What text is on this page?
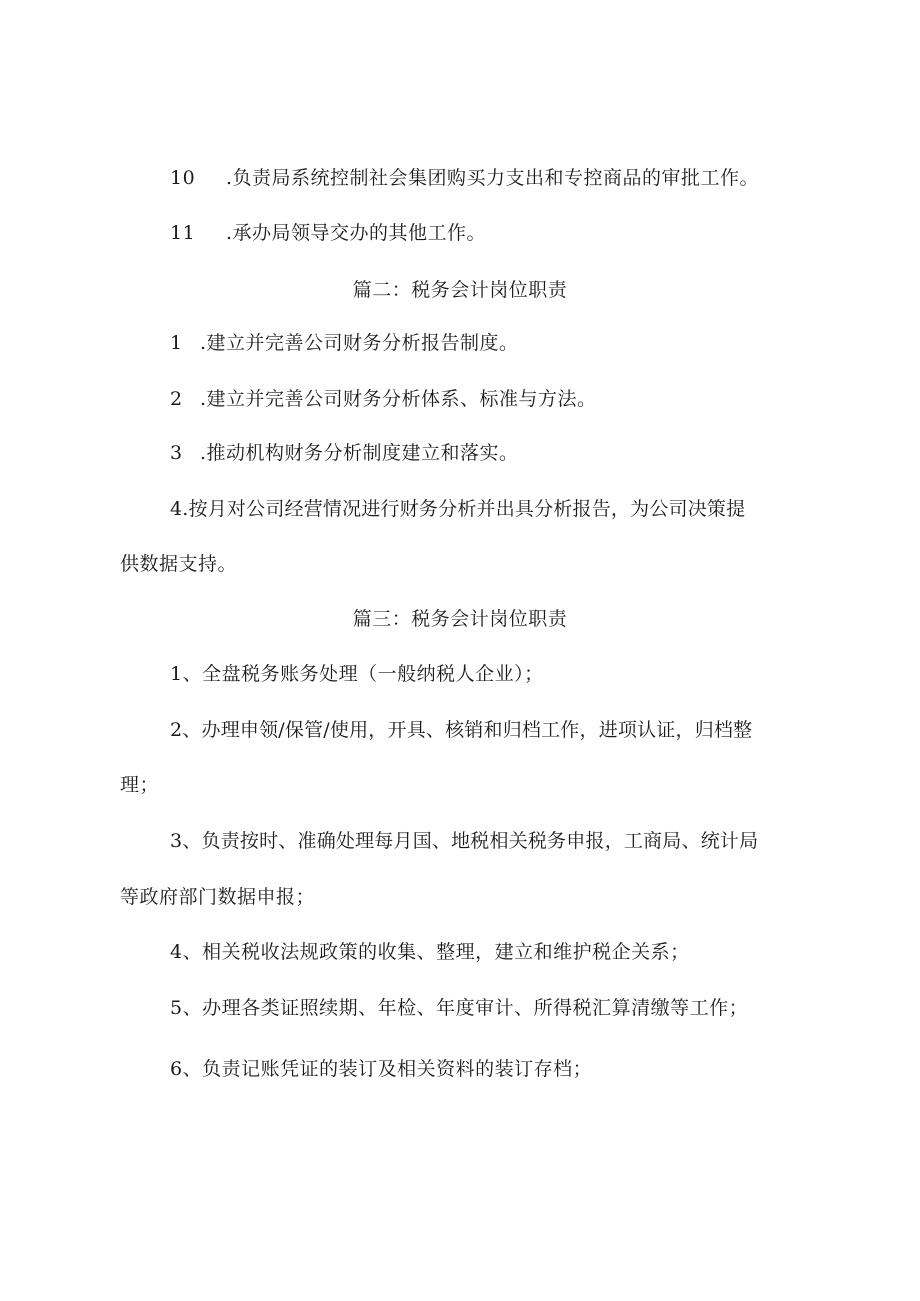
10 .负责局系统控制社会集团购买力支出和专控商品的审批工作。
11 .承办局领导交办的其他工作。
篇二：税务会计岗位职责
1 .建立并完善公司财务分析报告制度。
2 .建立并完善公司财务分析体系、标准与方法。
3 .推动机构财务分析制度建立和落实。
4.按月对公司经营情况进行财务分析并出具分析报告，为公司决策提
供数据支持。
篇三：税务会计岗位职责
1、全盘税务账务处理（一般纳税人企业）；
2、办理申领/保管/使用，开具、核销和归档工作，进项认证，归档整
理；
3、负责按时、准确处理每月国、地税相关税务申报，工商局、统计局
等政府部门数据申报；
4、相关税收法规政策的收集、整理，建立和维护税企关系；
5、办理各类证照续期、年检、年度审计、所得税汇算清缴等工作；
6、负责记账凭证的装订及相关资料的装订存档；
